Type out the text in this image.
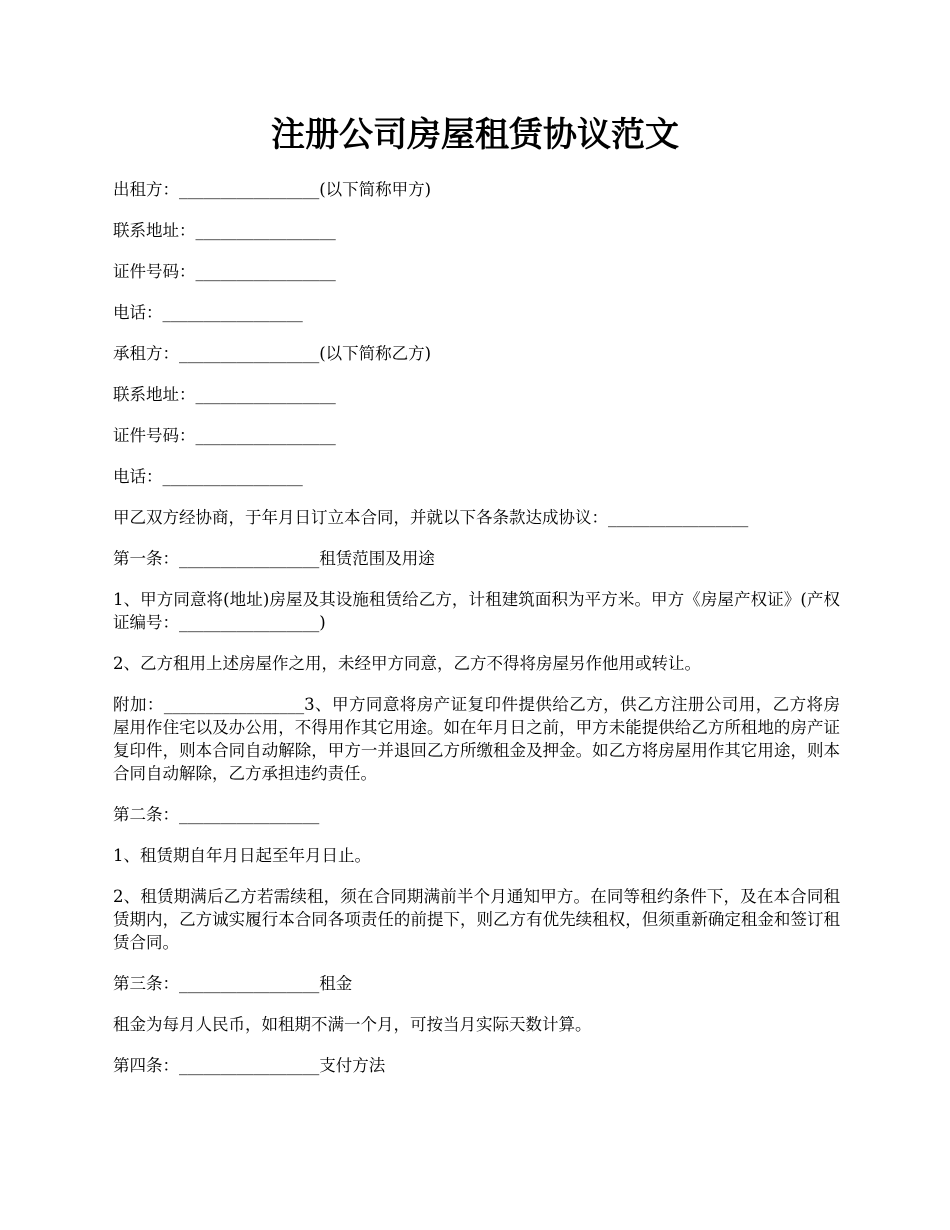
注册公司房屋租赁协议范文

出租方：_________________(以下简称甲方)

联系地址：_________________

证件号码：_________________

电话：_________________

承租方：_________________(以下简称乙方)

联系地址：_________________

证件号码：_________________

电话：_________________

甲乙双方经协商，于年月日订立本合同，并就以下各条款达成协议：_________________

第一条：_________________租赁范围及用途

1、甲方同意将(地址)房屋及其设施租赁给乙方，计租建筑面积为平方米。甲方《房屋产权证》(产权证编号：_________________)

2、乙方租用上述房屋作之用，未经甲方同意，乙方不得将房屋另作他用或转让。

附加：_________________3、甲方同意将房产证复印件提供给乙方，供乙方注册公司用，乙方将房屋用作住宅以及办公用，不得用作其它用途。如在年月日之前，甲方未能提供给乙方所租地的房产证复印件，则本合同自动解除，甲方一并退回乙方所缴租金及押金。如乙方将房屋用作其它用途，则本合同自动解除，乙方承担违约责任。

第二条：_________________

1、租赁期自年月日起至年月日止。

2、租赁期满后乙方若需续租，须在合同期满前半个月通知甲方。在同等租约条件下，及在本合同租赁期内，乙方诚实履行本合同各项责任的前提下，则乙方有优先续租权，但须重新确定租金和签订租赁合同。

第三条：_________________租金

租金为每月人民币，如租期不满一个月，可按当月实际天数计算。

第四条：_________________支付方法
